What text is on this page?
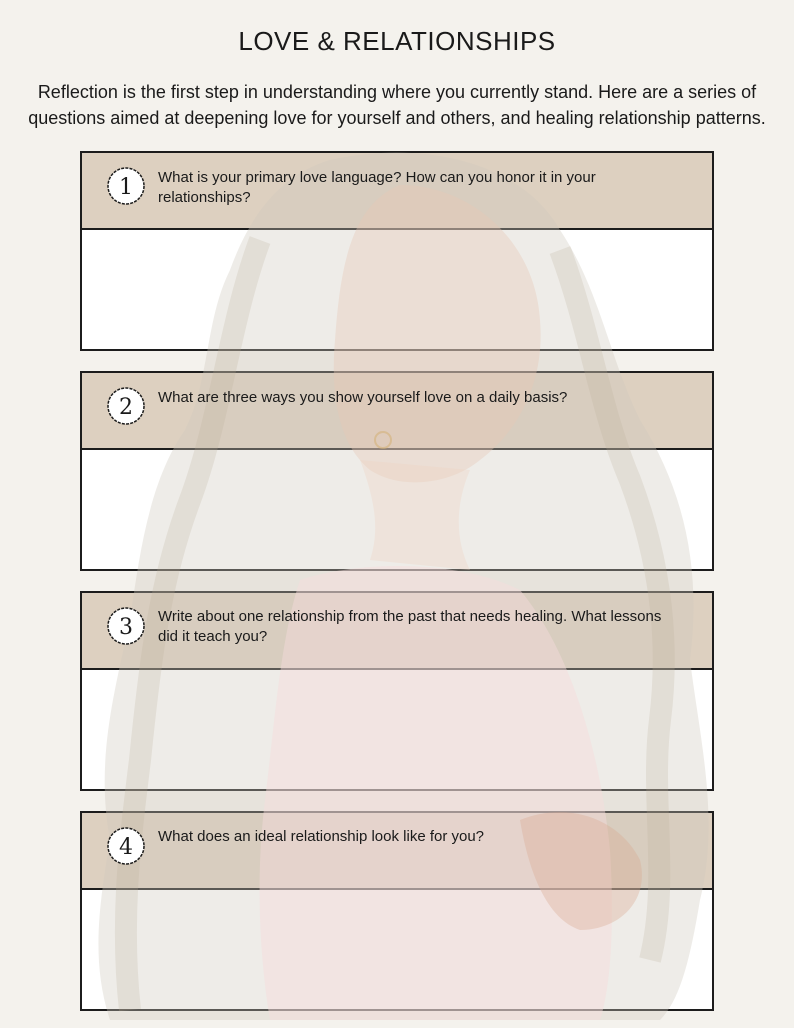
LOVE & RELATIONSHIPS

Reflection is the first step in understanding where you currently stand. Here are a series of questions aimed at deepening love for yourself and others, and healing relationship patterns.

1
2
3
4

What is your primary love language? How can you honor it in your relationships?

What are three ways you show yourself love on a daily basis?

Write about one relationship from the past that needs healing. What lessons did it teach you?

What does an ideal relationship look like for you?
